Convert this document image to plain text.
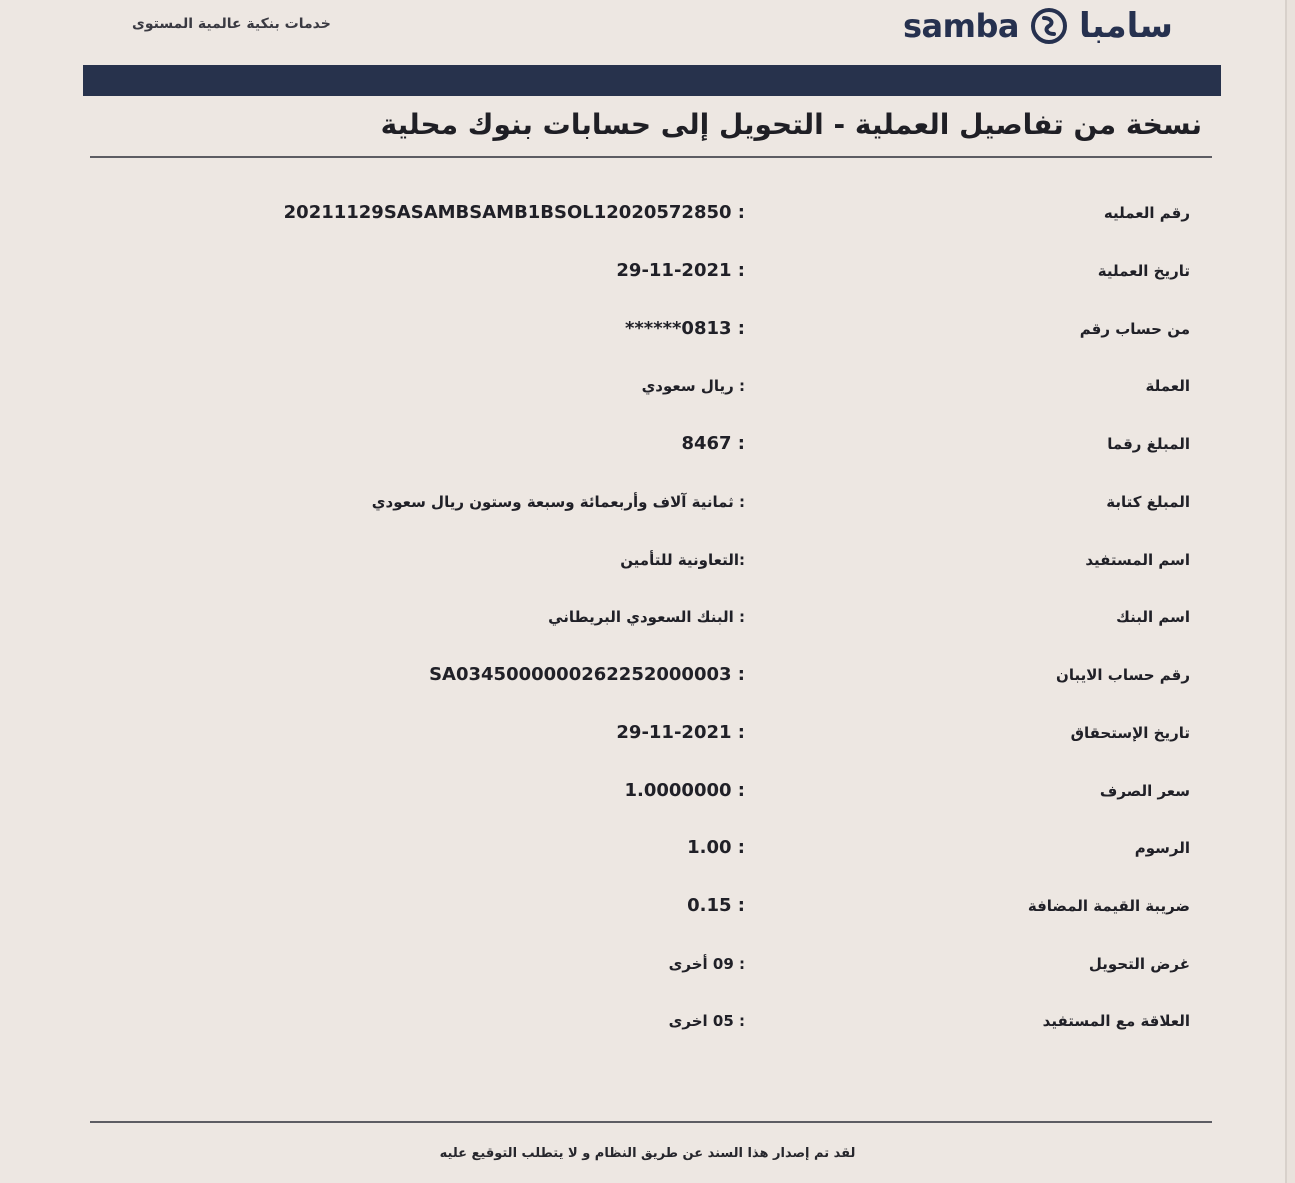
خدمات بنكية عالمية المستوى	samba سامبا
نسخة من تفاصيل العملية - التحويل إلى حسابات بنوك محلية
رقم العمليه
20211129SASAMBSAMB1BSOL12020572850 :
تاريخ العملية
29-11-2021 :
من حساب رقم
******0813 :
العملة
: ريال سعودي
المبلغ رقما
8467 :
المبلغ كتابة
: ثمانية آلاف وأربعمائة وسبعة وستون ريال سعودي
اسم المستفيد
:التعاونية للتأمين
اسم البنك
: البنك السعودي البريطاني
رقم حساب الايبان
SA0345000000262252000003 :
تاريخ الإستحقاق
29-11-2021 :
سعر الصرف
1.0000000 :
الرسوم
1.00 :
ضريبة القيمة المضافة
0.15 :
غرض التحويل
: 09 أخرى
العلاقة مع المستفيد
: 05 اخرى
لقد تم إصدار هذا السند عن طريق النظام و لا يتطلب التوقيع عليه
